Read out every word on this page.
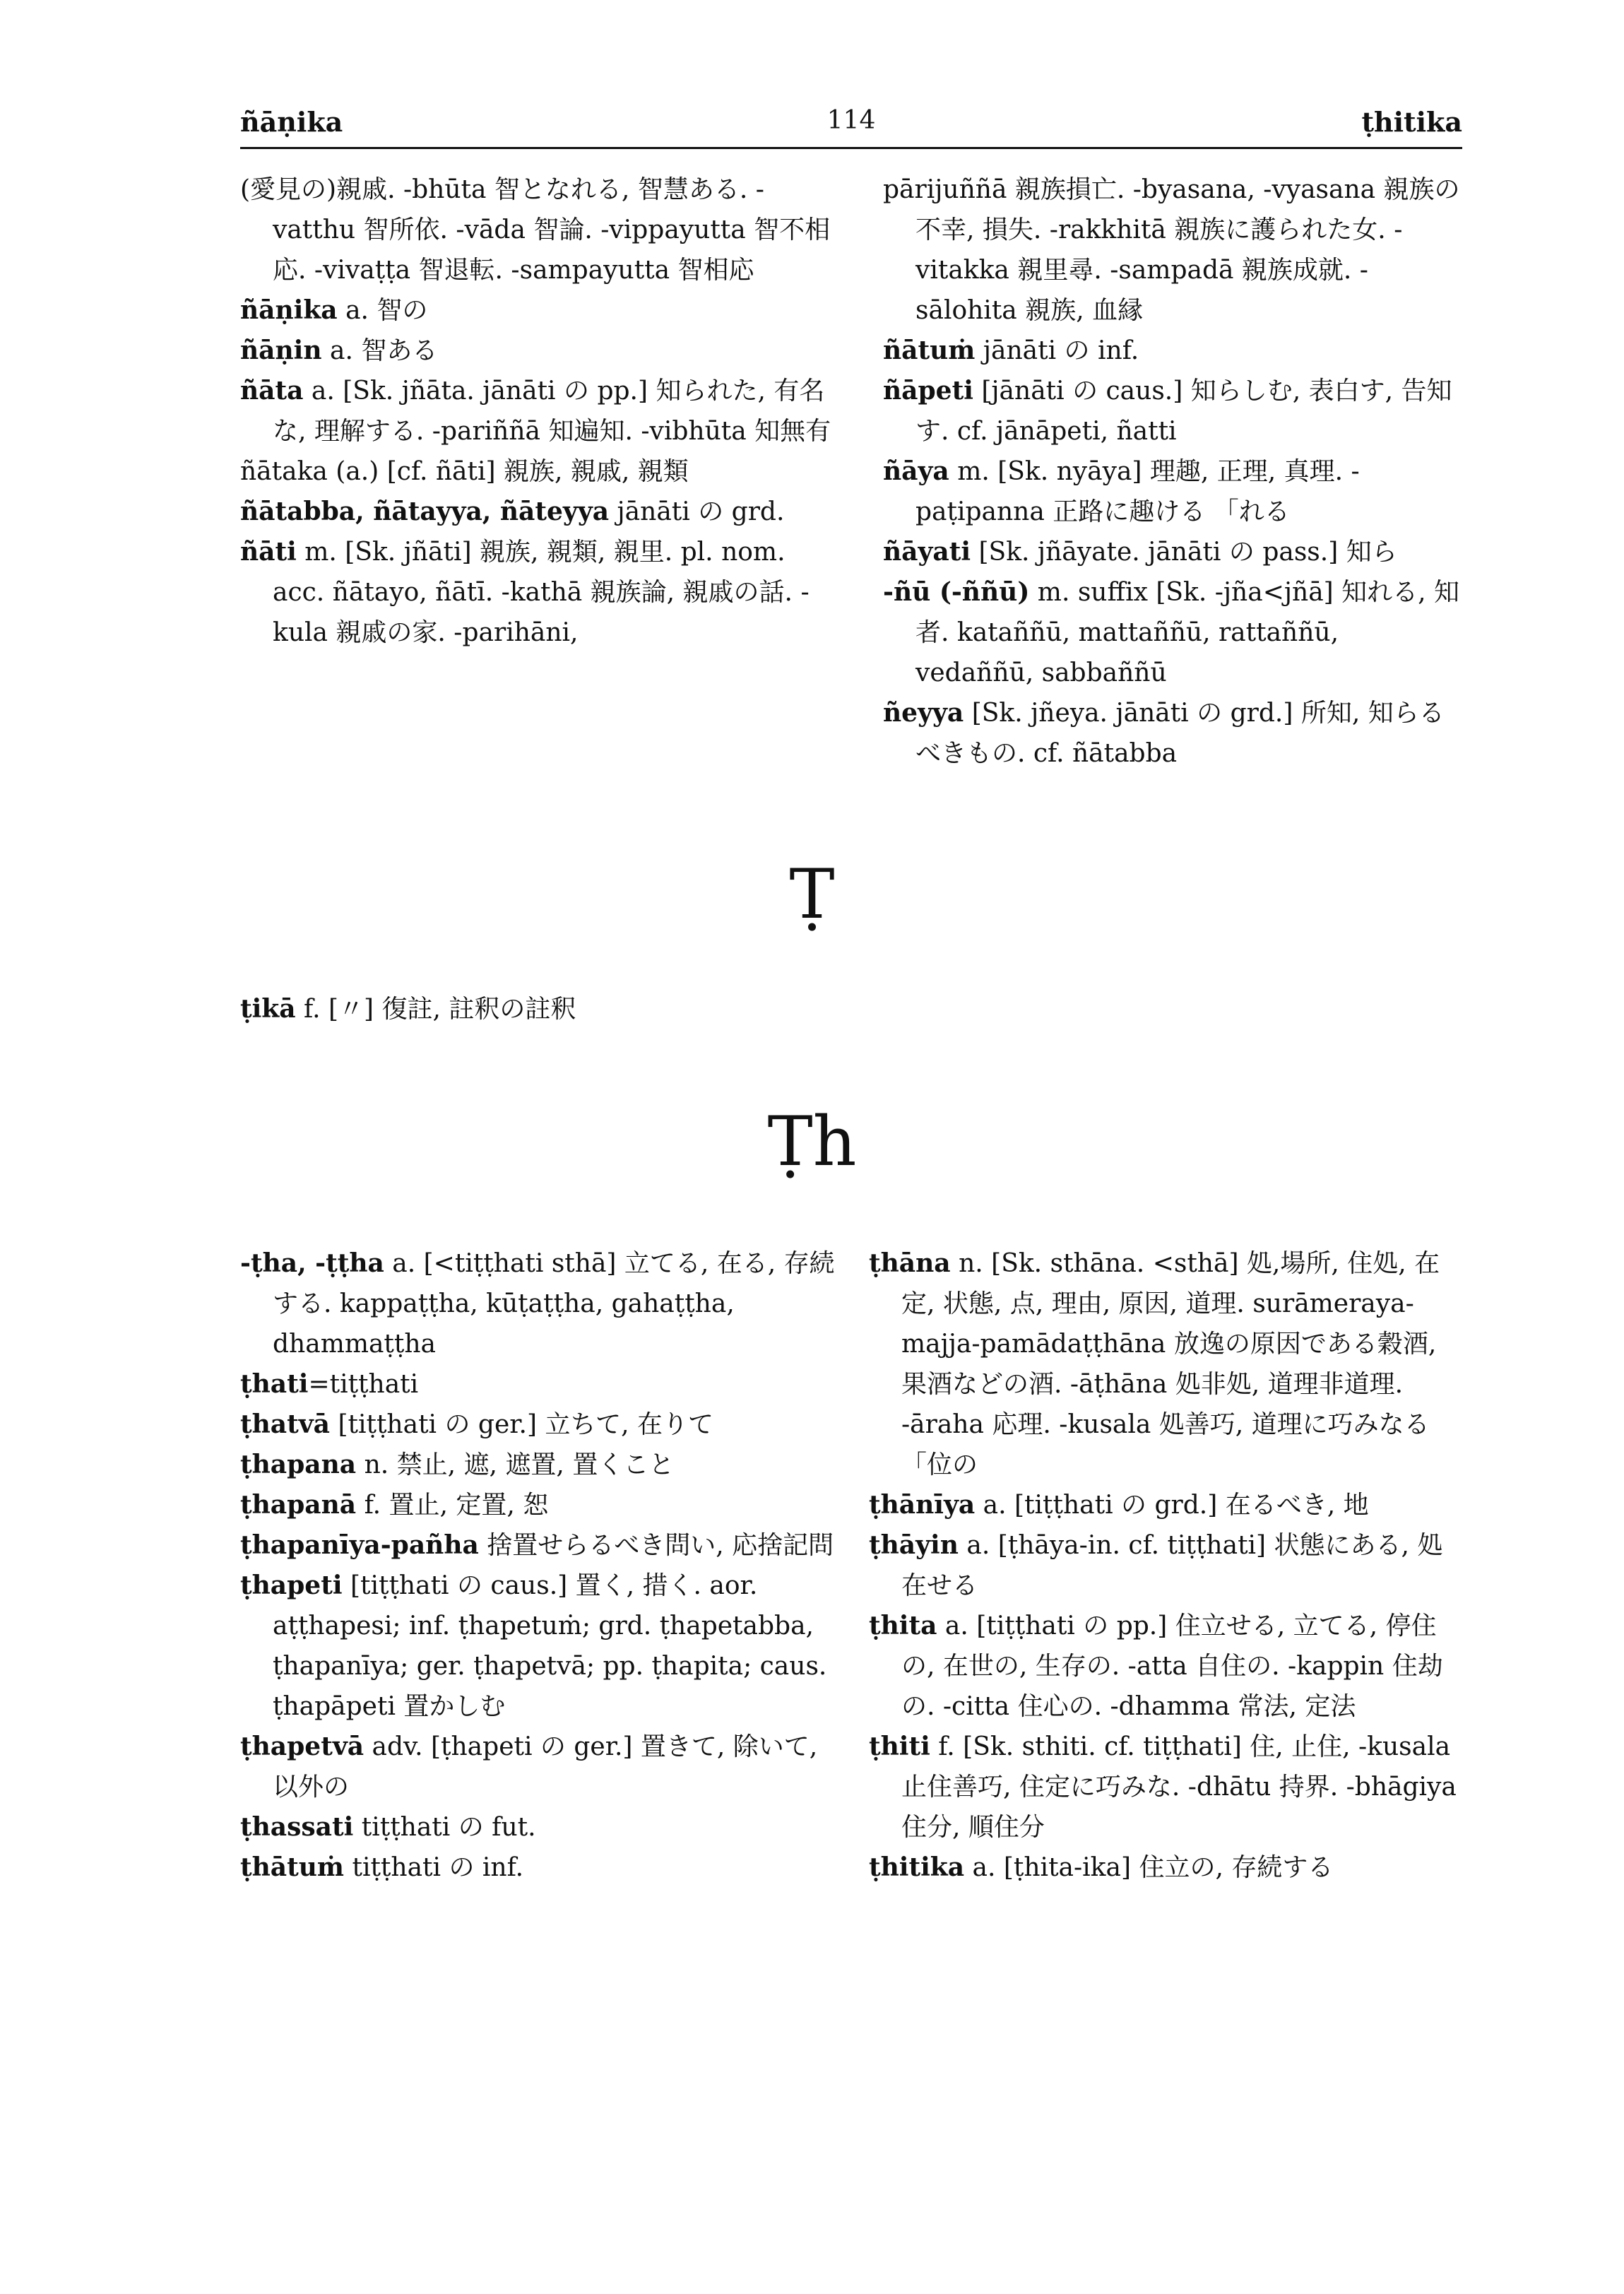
ñāṇika	114	ṭhitika

(愛見の)親戚. -bhūta 智となれる, 智慧ある. -vatthu 智所依. -vāda 智論. -vippayutta 智不相応. -vivaṭṭa 智退転. -sampayutta 智相応

ñāṇika a. 智の

ñāṇin a. 智ある

ñāta a. [Sk. jñāta. jānāti の pp.] 知られた, 有名な, 理解する. -pariññā 知遍知. -vibhūta 知無有

ñātaka (a.) [cf. ñāti] 親族, 親戚, 親類

ñātabba, ñātayya, ñāteyya jānāti の grd.

ñāti m. [Sk. jñāti] 親族, 親類, 親里. pl. nom. acc. ñātayo, ñātī. -kathā 親族論, 親戚の話. -kula 親戚の家. -parihāni,

pārijuññā 親族損亡. -byasana, -vyasana 親族の不幸, 損失. -rakkhitā 親族に護られた女. -vitakka 親里尋. -sampadā 親族成就. -sālohita 親族, 血縁

ñātuṁ jānāti の inf.

ñāpeti [jānāti の caus.] 知らしむ, 表白す, 告知す. cf. jānāpeti, ñatti

ñāya m. [Sk. nyāya] 理趣, 正理, 真理. -paṭipanna 正路に趣ける 「れる

ñāyati [Sk. jñāyate. jānāti の pass.] 知ら

-ñū (-ññū) m. suffix [Sk. -jña<jñā] 知れる, 知者. kataññū, mattaññū, rattaññū, vedaññū, sabbaññū

ñeyya [Sk. jñeya. jānāti の grd.] 所知, 知らるべきもの. cf. ñātabba

Ṭ

ṭikā f. [〃] 復註, 註釈の註釈

Ṭh

-ṭha, -ṭṭha a. [<tiṭṭhati sthā] 立てる, 在る, 存続する. kappaṭṭha, kūṭaṭṭha, gahaṭṭha, dhammaṭṭha

ṭhati=tiṭṭhati

ṭhatvā [tiṭṭhati の ger.] 立ちて, 在りて

ṭhapana n. 禁止, 遮, 遮置, 置くこと

ṭhapanā f. 置止, 定置, 恕

ṭhapanīya-pañha 捨置せらるべき問い, 応捨記問

ṭhapeti [tiṭṭhati の caus.] 置く, 措く. aor. aṭṭhapesi; inf. ṭhapetuṁ; grd. ṭhapetabba, ṭhapanīya; ger. ṭhapetvā; pp. ṭhapita; caus. ṭhapāpeti 置かしむ

ṭhapetvā adv. [ṭhapeti の ger.] 置きて, 除いて, 以外の

ṭhassati tiṭṭhati の fut.

ṭhātuṁ tiṭṭhati の inf.

ṭhāna n. [Sk. sthāna. <sthā] 処,場所, 住処, 在定, 状態, 点, 理由, 原因, 道理. surāmeraya-majja-pamādaṭṭhāna 放逸の原因である穀酒, 果酒などの酒. -āṭhāna 処非処, 道理非道理. -āraha 応理. -kusala 処善巧, 道理に巧みなる 「位の

ṭhānīya a. [tiṭṭhati の grd.] 在るべき, 地

ṭhāyin a. [ṭhāya-in. cf. tiṭṭhati] 状態にある, 処在せる

ṭhita a. [tiṭṭhati の pp.] 住立せる, 立てる, 停住の, 在世の, 生存の. -atta 自住の. -kappin 住劫の. -citta 住心の. -dhamma 常法, 定法

ṭhiti f. [Sk. sthiti. cf. tiṭṭhati] 住, 止住, -kusala 止住善巧, 住定に巧みな. -dhātu 持界. -bhāgiya 住分, 順住分

ṭhitika a. [ṭhita-ika] 住立の, 存続する
